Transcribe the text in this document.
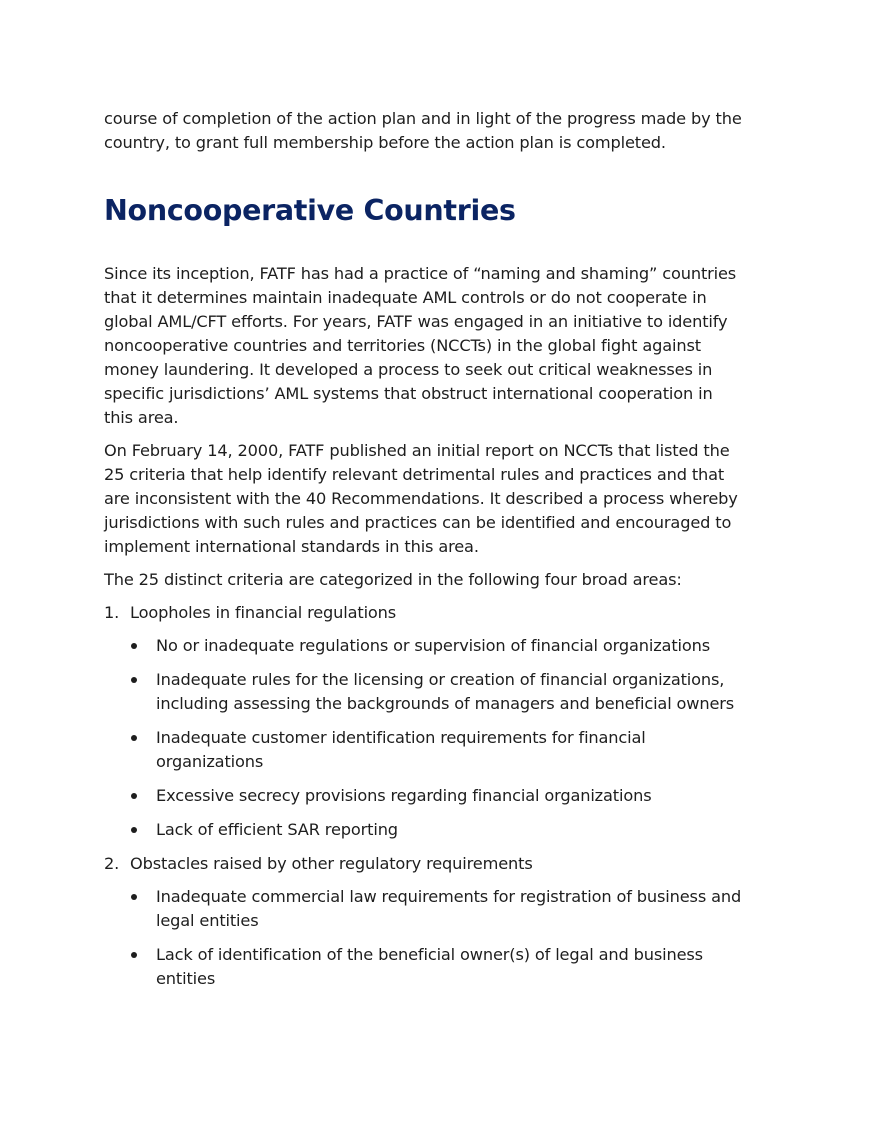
course of completion of the action plan and in light of the progress made by the country, to grant full membership before the action plan is completed.

Noncooperative Countries

Since its inception, FATF has had a practice of “naming and shaming” countries that it determines maintain inadequate AML controls or do not cooperate in global AML/CFT efforts. For years, FATF was engaged in an initiative to identify noncooperative countries and territories (NCCTs) in the global fight against money laundering. It developed a process to seek out critical weaknesses in specific jurisdictions’ AML systems that obstruct international cooperation in this area.

On February 14, 2000, FATF published an initial report on NCCTs that listed the 25 criteria that help identify relevant detrimental rules and practices and that are inconsistent with the 40 Recommendations. It described a process whereby jurisdictions with such rules and practices can be identified and encouraged to implement international standards in this area.

The 25 distinct criteria are categorized in the following four broad areas:

1. Loopholes in financial regulations
No or inadequate regulations or supervision of financial organizations
Inadequate rules for the licensing or creation of financial organizations, including assessing the backgrounds of managers and beneficial owners
Inadequate customer identification requirements for financial organizations
Excessive secrecy provisions regarding financial organizations
Lack of efficient SAR reporting
2. Obstacles raised by other regulatory requirements
Inadequate commercial law requirements for registration of business and legal entities
Lack of identification of the beneficial owner(s) of legal and business entities
